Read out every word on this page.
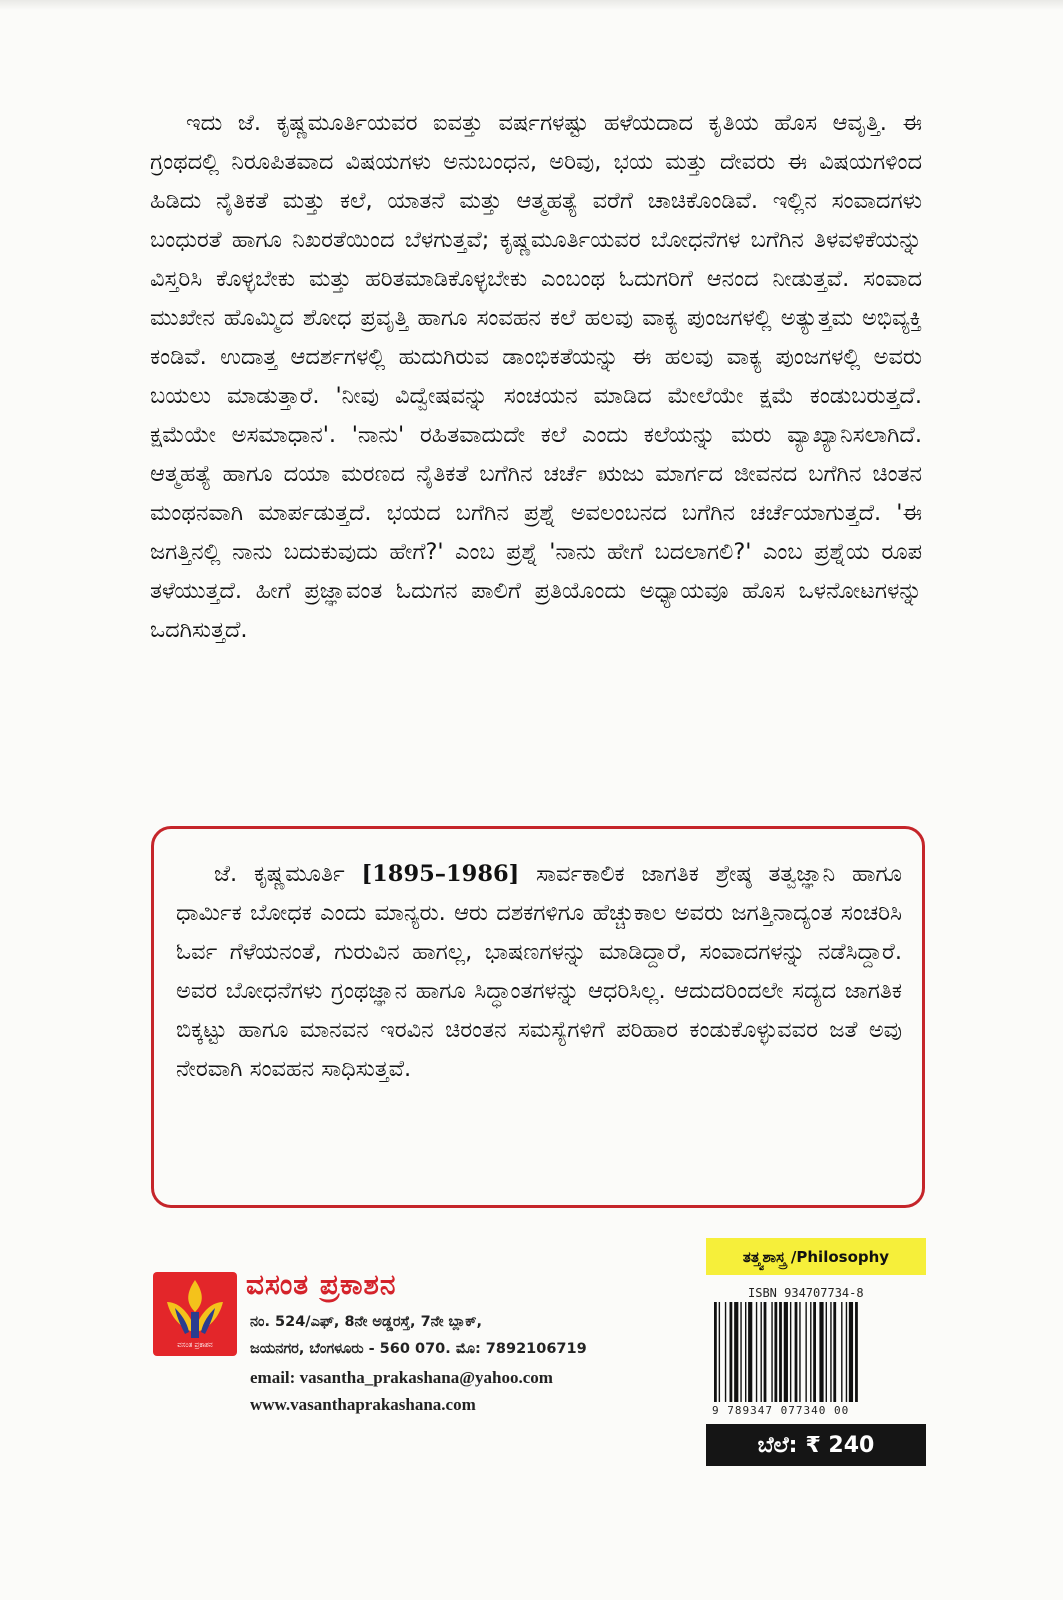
ಇದು ಜೆ. ಕೃಷ್ಣಮೂರ್ತಿಯವರ ಐವತ್ತು ವರ್ಷಗಳಷ್ಟು ಹಳೆಯದಾದ ಕೃತಿಯ ಹೊಸ ಆವೃತ್ತಿ. ಈ ಗ್ರಂಥದಲ್ಲಿ ನಿರೂಪಿತವಾದ ವಿಷಯಗಳು ಅನುಬಂಧನ, ಅರಿವು, ಭಯ ಮತ್ತು ದೇವರು ಈ ವಿಷಯಗಳಿಂದ ಹಿಡಿದು ನೈತಿಕತೆ ಮತ್ತು ಕಲೆ, ಯಾತನೆ ಮತ್ತು ಆತ್ಮಹತ್ಯೆ ವರೆಗೆ ಚಾಚಿಕೊಂಡಿವೆ. ಇಲ್ಲಿನ ಸಂವಾದಗಳು ಬಂಧುರತೆ ಹಾಗೂ ನಿಖರತೆಯಿಂದ ಬೆಳಗುತ್ತವೆ; ಕೃಷ್ಣಮೂರ್ತಿಯವರ ಬೋಧನೆಗಳ ಬಗೆಗಿನ ತಿಳವಳಿಕೆಯನ್ನು ವಿಸ್ತರಿಸಿ ಕೊಳ್ಳಬೇಕು ಮತ್ತು ಹರಿತಮಾಡಿಕೊಳ್ಳಬೇಕು ಎಂಬಂಥ ಓದುಗರಿಗೆ ಆನಂದ ನೀಡುತ್ತವೆ. ಸಂವಾದ ಮುಖೇನ ಹೊಮ್ಮಿದ ಶೋಧ ಪ್ರವೃತ್ತಿ ಹಾಗೂ ಸಂವಹನ ಕಲೆ ಹಲವು ವಾಕ್ಯ ಪುಂಜಗಳಲ್ಲಿ ಅತ್ಯುತ್ತಮ ಅಭಿವ್ಯಕ್ತಿ ಕಂಡಿವೆ. ಉದಾತ್ತ ಆದರ್ಶಗಳಲ್ಲಿ ಹುದುಗಿರುವ ಡಾಂಭಿಕತೆಯನ್ನು ಈ ಹಲವು ವಾಕ್ಯ ಪುಂಜಗಳಲ್ಲಿ ಅವರು ಬಯಲು ಮಾಡುತ್ತಾರೆ. 'ನೀವು ವಿದ್ವೇಷವನ್ನು ಸಂಚಯನ ಮಾಡಿದ ಮೇಲೆಯೇ ಕ್ಷಮೆ ಕಂಡುಬರುತ್ತದೆ. ಕ್ಷಮೆಯೇ ಅಸಮಾಧಾನ'. 'ನಾನು' ರಹಿತವಾದುದೇ ಕಲೆ ಎಂದು ಕಲೆಯನ್ನು ಮರು ವ್ಯಾಖ್ಯಾನಿಸಲಾಗಿದೆ. ಆತ್ಮಹತ್ಯೆ ಹಾಗೂ ದಯಾ ಮರಣದ ನೈತಿಕತೆ ಬಗೆಗಿನ ಚರ್ಚೆ ಋಜು ಮಾರ್ಗದ ಜೀವನದ ಬಗೆಗಿನ ಚಿಂತನ ಮಂಥನವಾಗಿ ಮಾರ್ಪಡುತ್ತದೆ. ಭಯದ ಬಗೆಗಿನ ಪ್ರಶ್ನೆ ಅವಲಂಬನದ ಬಗೆಗಿನ ಚರ್ಚೆಯಾಗುತ್ತದೆ. 'ಈ ಜಗತ್ತಿನಲ್ಲಿ ನಾನು ಬದುಕುವುದು ಹೇಗೆ?' ಎಂಬ ಪ್ರಶ್ನೆ 'ನಾನು ಹೇಗೆ ಬದಲಾಗಲಿ?' ಎಂಬ ಪ್ರಶ್ನೆಯ ರೂಪ ತಳೆಯುತ್ತದೆ. ಹೀಗೆ ಪ್ರಜ್ಞಾವಂತ ಓದುಗನ ಪಾಲಿಗೆ ಪ್ರತಿಯೊಂದು ಅಧ್ಯಾಯವೂ ಹೊಸ ಒಳನೋಟಗಳನ್ನು ಒದಗಿಸುತ್ತದೆ.

ಜೆ. ಕೃಷ್ಣಮೂರ್ತಿ [1895–1986] ಸಾರ್ವಕಾಲಿಕ ಜಾಗತಿಕ ಶ್ರೇಷ್ಠ ತತ್ವಜ್ಞಾನಿ ಹಾಗೂ ಧಾರ್ಮಿಕ ಬೋಧಕ ಎಂದು ಮಾನ್ಯರು. ಆರು ದಶಕಗಳಿಗೂ ಹೆಚ್ಚುಕಾಲ ಅವರು ಜಗತ್ತಿನಾದ್ಯಂತ ಸಂಚರಿಸಿ ಓರ್ವ ಗೆಳೆಯನಂತೆ, ಗುರುವಿನ ಹಾಗಲ್ಲ, ಭಾಷಣಗಳನ್ನು ಮಾಡಿದ್ದಾರೆ, ಸಂವಾದಗಳನ್ನು ನಡೆಸಿದ್ದಾರೆ. ಅವರ ಬೋಧನೆಗಳು ಗ್ರಂಥಜ್ಞಾನ ಹಾಗೂ ಸಿದ್ಧಾಂತಗಳನ್ನು ಆಧರಿಸಿಲ್ಲ. ಆದುದರಿಂದಲೇ ಸದ್ಯದ ಜಾಗತಿಕ ಬಿಕ್ಕಟ್ಟು ಹಾಗೂ ಮಾನವನ ಇರವಿನ ಚಿರಂತನ ಸಮಸ್ಯೆಗಳಿಗೆ ಪರಿಹಾರ ಕಂಡುಕೊಳ್ಳುವವರ ಜತೆ ಅವು ನೇರವಾಗಿ ಸಂವಹನ ಸಾಧಿಸುತ್ತವೆ.

ವಸಂತ ಪ್ರಕಾಶನ
ವಸಂತ ಪ್ರಕಾಶನ
ನಂ. 524/ಎಫ್, 8ನೇ ಅಡ್ಡರಸ್ತೆ, 7ನೇ ಬ್ಲಾಕ್,
ಜಯನಗರ, ಬೆಂಗಳೂರು - 560 070. ಮೊ: 7892106719
email: vasantha_prakashana@yahoo.com
www.vasanthaprakashana.com
ತತ್ತ್ವಶಾಸ್ತ್ರ /Philosophy
ISBN 934707734-8
9 789347 077340 00
ಬೆಲೆ: ₹ 240
